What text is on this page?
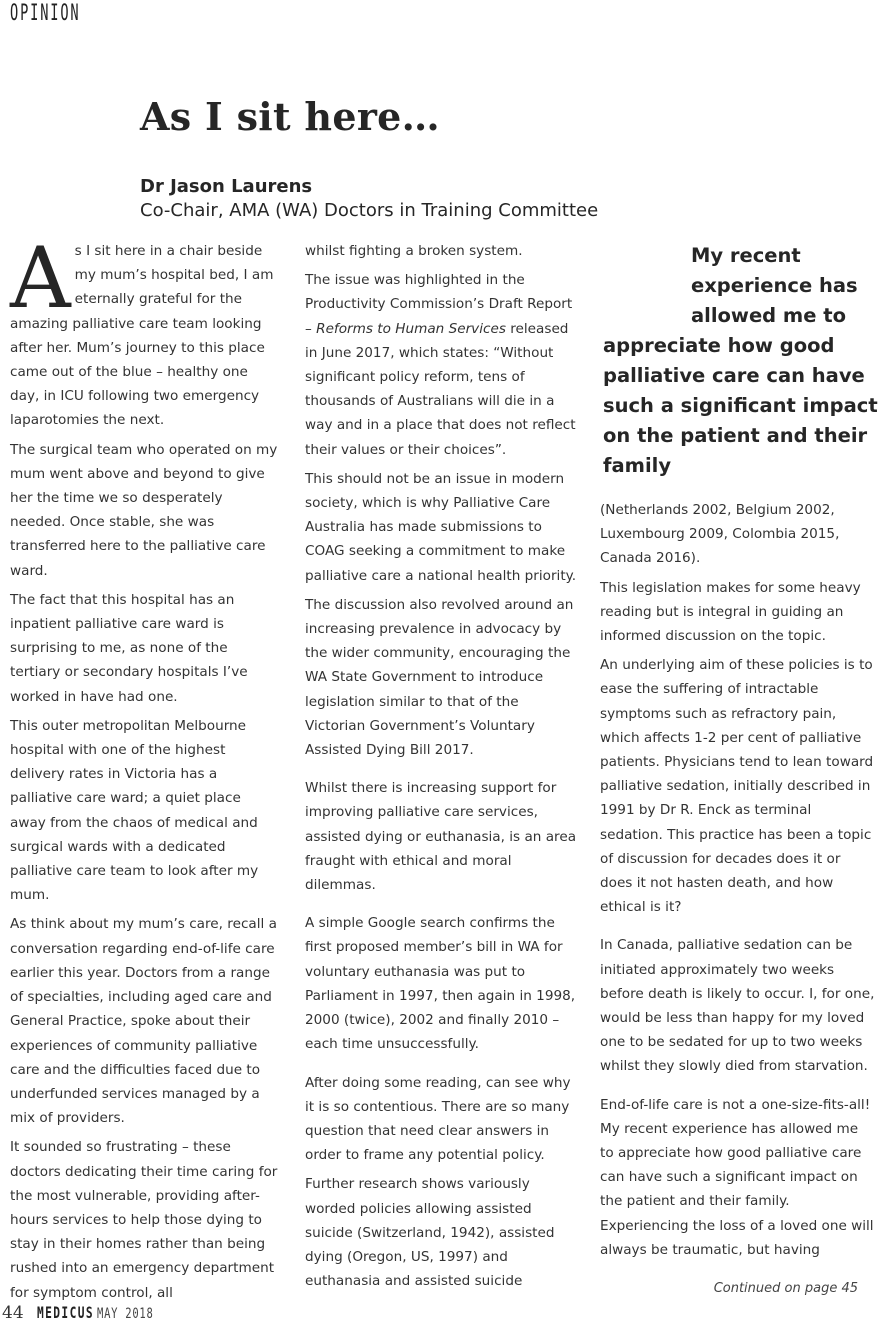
OPINION
As I sit here…
Dr Jason Laurens
Co-Chair, AMA (WA) Doctors in Training Committee

As I sit here in a chair beside my mum’s hospital bed, I am eternally grateful for the amazing palliative care team looking after her. Mum’s journey to this place came out of the blue – healthy one day, in ICU following two emergency laparotomies the next.

The surgical team who operated on my mum went above and beyond to give her the time we so desperately needed. Once stable, she was transferred here to the palliative care ward.

The fact that this hospital has an inpatient palliative care ward is surprising to me, as none of the tertiary or secondary hospitals I’ve worked in have had one.

This outer metropolitan Melbourne hospital with one of the highest delivery rates in Victoria has a palliative care ward; a quiet place away from the chaos of medical and surgical wards with a dedicated palliative care team to look after my mum.

As think about my mum’s care, recall a conversation regarding end-of-life care earlier this year. Doctors from a range of specialties, including aged care and General Practice, spoke about their experiences of community palliative care and the difficulties faced due to underfunded services managed by a mix of providers.

It sounded so frustrating – these doctors dedicating their time caring for the most vulnerable, providing after-hours services to help those dying to stay in their homes rather than being rushed into an emergency department for symptom control, all

whilst fighting a broken system.

The issue was highlighted in the Productivity Commission’s Draft Report – Reforms to Human Services released in June 2017, which states: “Without significant policy reform, tens of thousands of Australians will die in a way and in a place that does not reflect their values or their choices”.

This should not be an issue in modern society, which is why Palliative Care Australia has made submissions to COAG seeking a commitment to make palliative care a national health priority.

The discussion also revolved around an increasing prevalence in advocacy by the wider community, encouraging the WA State Government to introduce legislation similar to that of the Victorian Government’s Voluntary Assisted Dying Bill 2017.

Whilst there is increasing support for improving palliative care services, assisted dying or euthanasia, is an area fraught with ethical and moral dilemmas.

A simple Google search confirms the first proposed member’s bill in WA for voluntary euthanasia was put to Parliament in 1997, then again in 1998, 2000 (twice), 2002 and finally 2010 – each time unsuccessfully.

After doing some reading, can see why it is so contentious. There are so many question that need clear answers in order to frame any potential policy.

Further research shows variously worded policies allowing assisted suicide (Switzerland, 1942), assisted dying (Oregon, US, 1997) and euthanasia and assisted suicide

My recent
experience has
allowed me to
appreciate how good palliative care can have such a significant impact on the patient and their family

(Netherlands 2002, Belgium 2002, Luxembourg 2009, Colombia 2015, Canada 2016).

This legislation makes for some heavy reading but is integral in guiding an informed discussion on the topic.

An underlying aim of these policies is to ease the suffering of intractable symptoms such as refractory pain, which affects 1-2 per cent of palliative patients. Physicians tend to lean toward palliative sedation, initially described in 1991 by Dr R. Enck as terminal sedation. This practice has been a topic of discussion for decades does it or does it not hasten death, and how ethical is it?

In Canada, palliative sedation can be initiated approximately two weeks before death is likely to occur. I, for one, would be less than happy for my loved one to be sedated for up to two weeks whilst they slowly died from starvation.

End-of-life care is not a one-size-fits-all! My recent experience has allowed me to appreciate how good palliative care can have such a significant impact on the patient and their family. Experiencing the loss of a loved one will always be traumatic, but having

Continued on page 45
44 MEDICUS MAY 2018
